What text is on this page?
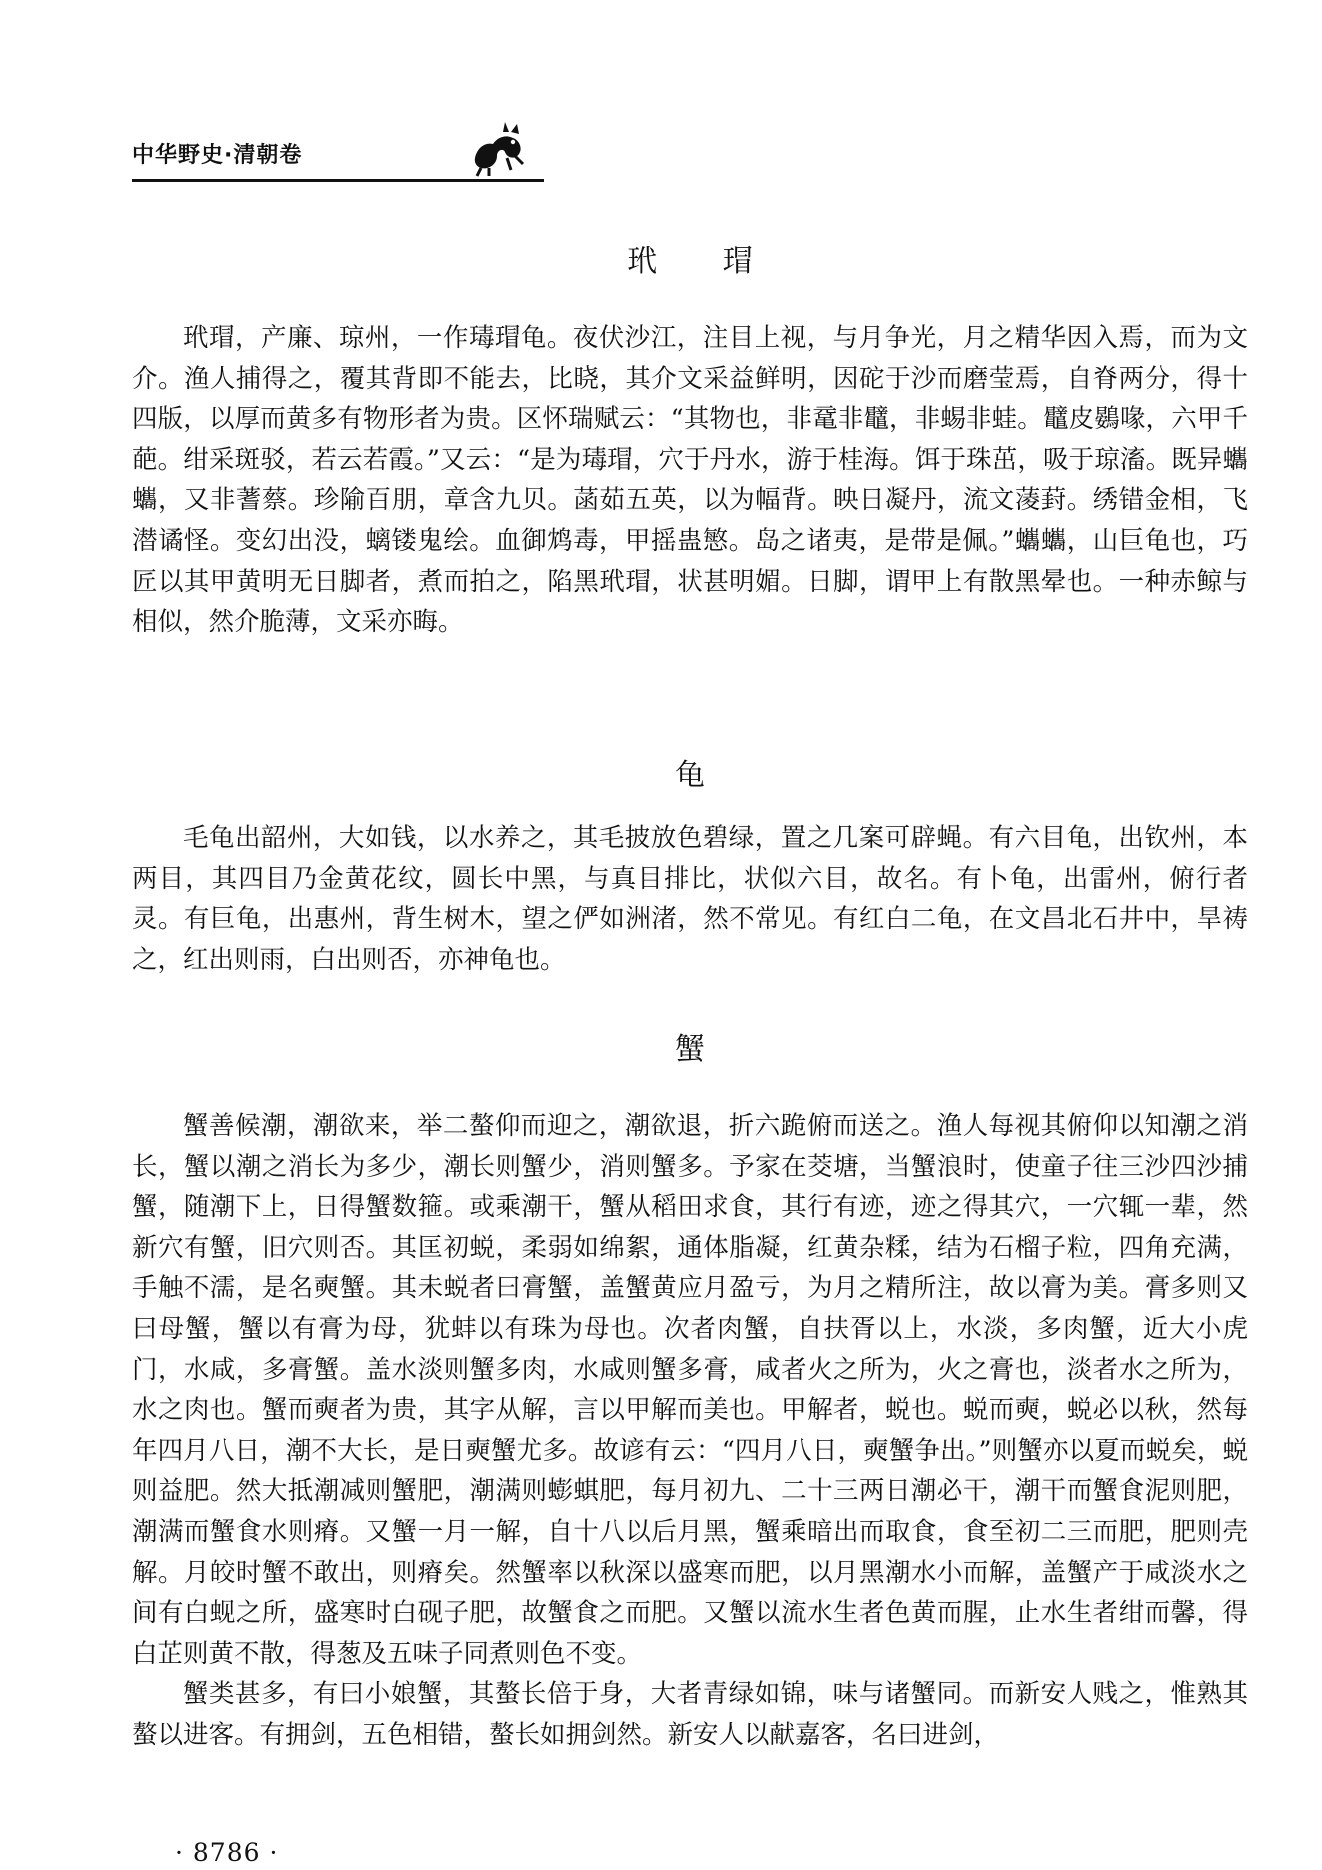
中华野史·清朝卷
玳 瑁

玳瑁，产廉、琼州，一作瑇瑁龟。夜伏沙江，注目上视，与月争光，月之精华因入焉，而为文介。渔人捕得之，覆其背即不能去，比晓，其介文采益鲜明，因砣于沙而磨莹焉，自脊两分，得十四版，以厚而黄多有物形者为贵。区怀瑞赋云：“其物也，非鼋非鼊，非蜴非蛙。鼊皮鷃喙，六甲千葩。绀采斑驳，若云若霞。”又云：“是为瑇瑁，穴于丹水，游于桂海。饵于珠茁，吸于琼滀。既异蠵蠵，又非蓍蔡。珍隃百朋，章含九贝。菡茹五英，以为幅背。映日凝丹，流文蓤葑。绣错金相，飞潜谲怪。变幻出没，螭镂鬼绘。血御鸩毒，甲摇蛊慜。岛之诸夷，是带是佩。”蠵蠵，山巨龟也，巧匠以其甲黄明无日脚者，煮而拍之，陷黑玳瑁，状甚明媚。日脚，谓甲上有散黑晕也。一种赤鲸与相似，然介脆薄，文采亦晦。

龟

毛龟出韶州，大如钱，以水养之，其毛披放色碧绿，置之几案可辟蝇。有六目龟，出钦州，本两目，其四目乃金黄花纹，圆长中黑，与真目排比，状似六目，故名。有卜龟，出雷州，俯行者灵。有巨龟，出惠州，背生树木，望之俨如洲渚，然不常见。有红白二龟，在文昌北石井中，旱祷之，红出则雨，白出则否，亦神龟也。

蟹

蟹善候潮，潮欲来，举二螯仰而迎之，潮欲退，折六跪俯而送之。渔人每视其俯仰以知潮之消长，蟹以潮之消长为多少，潮长则蟹少，消则蟹多。予家在茭塘，当蟹浪时，使童子往三沙四沙捕蟹，随潮下上，日得蟹数箍。或乘潮干，蟹从稻田求食，其行有迹，迹之得其穴，一穴辄一辈，然新穴有蟹，旧穴则否。其匡初蜕，柔弱如绵絮，通体脂凝，红黄杂糅，结为石榴子粒，四角充满，手触不濡，是名奭蟹。其未蜕者曰膏蟹，盖蟹黄应月盈亏，为月之精所注，故以膏为美。膏多则又曰母蟹，蟹以有膏为母，犹蚌以有珠为母也。次者肉蟹，自扶胥以上，水淡，多肉蟹，近大小虎门，水咸，多膏蟹。盖水淡则蟹多肉，水咸则蟹多膏，咸者火之所为，火之膏也，淡者水之所为，水之肉也。蟹而奭者为贵，其字从解，言以甲解而美也。甲解者，蜕也。蜕而奭，蜕必以秋，然每年四月八日，潮不大长，是日奭蟹尤多。故谚有云：“四月八日，奭蟹争出。”则蟹亦以夏而蜕矣，蜕则益肥。然大抵潮减则蟹肥，潮满则蟛蜞肥，每月初九、二十三两日潮必干，潮干而蟹食泥则肥，潮满而蟹食水则瘠。又蟹一月一解，自十八以后月黑，蟹乘暗出而取食，食至初二三而肥，肥则壳解。月皎时蟹不敢出，则瘠矣。然蟹率以秋深以盛寒而肥，以月黑潮水小而解，盖蟹产于咸淡水之间有白蚬之所，盛寒时白砚子肥，故蟹食之而肥。又蟹以流水生者色黄而腥，止水生者绀而馨，得白芷则黄不散，得葱及五味子同煮则色不变。

蟹类甚多，有曰小娘蟹，其螯长倍于身，大者青绿如锦，味与诸蟹同。而新安人贱之，惟熟其螯以进客。有拥剑，五色相错，螯长如拥剑然。新安人以献嘉客，名曰进剑，

· 8786 ·
